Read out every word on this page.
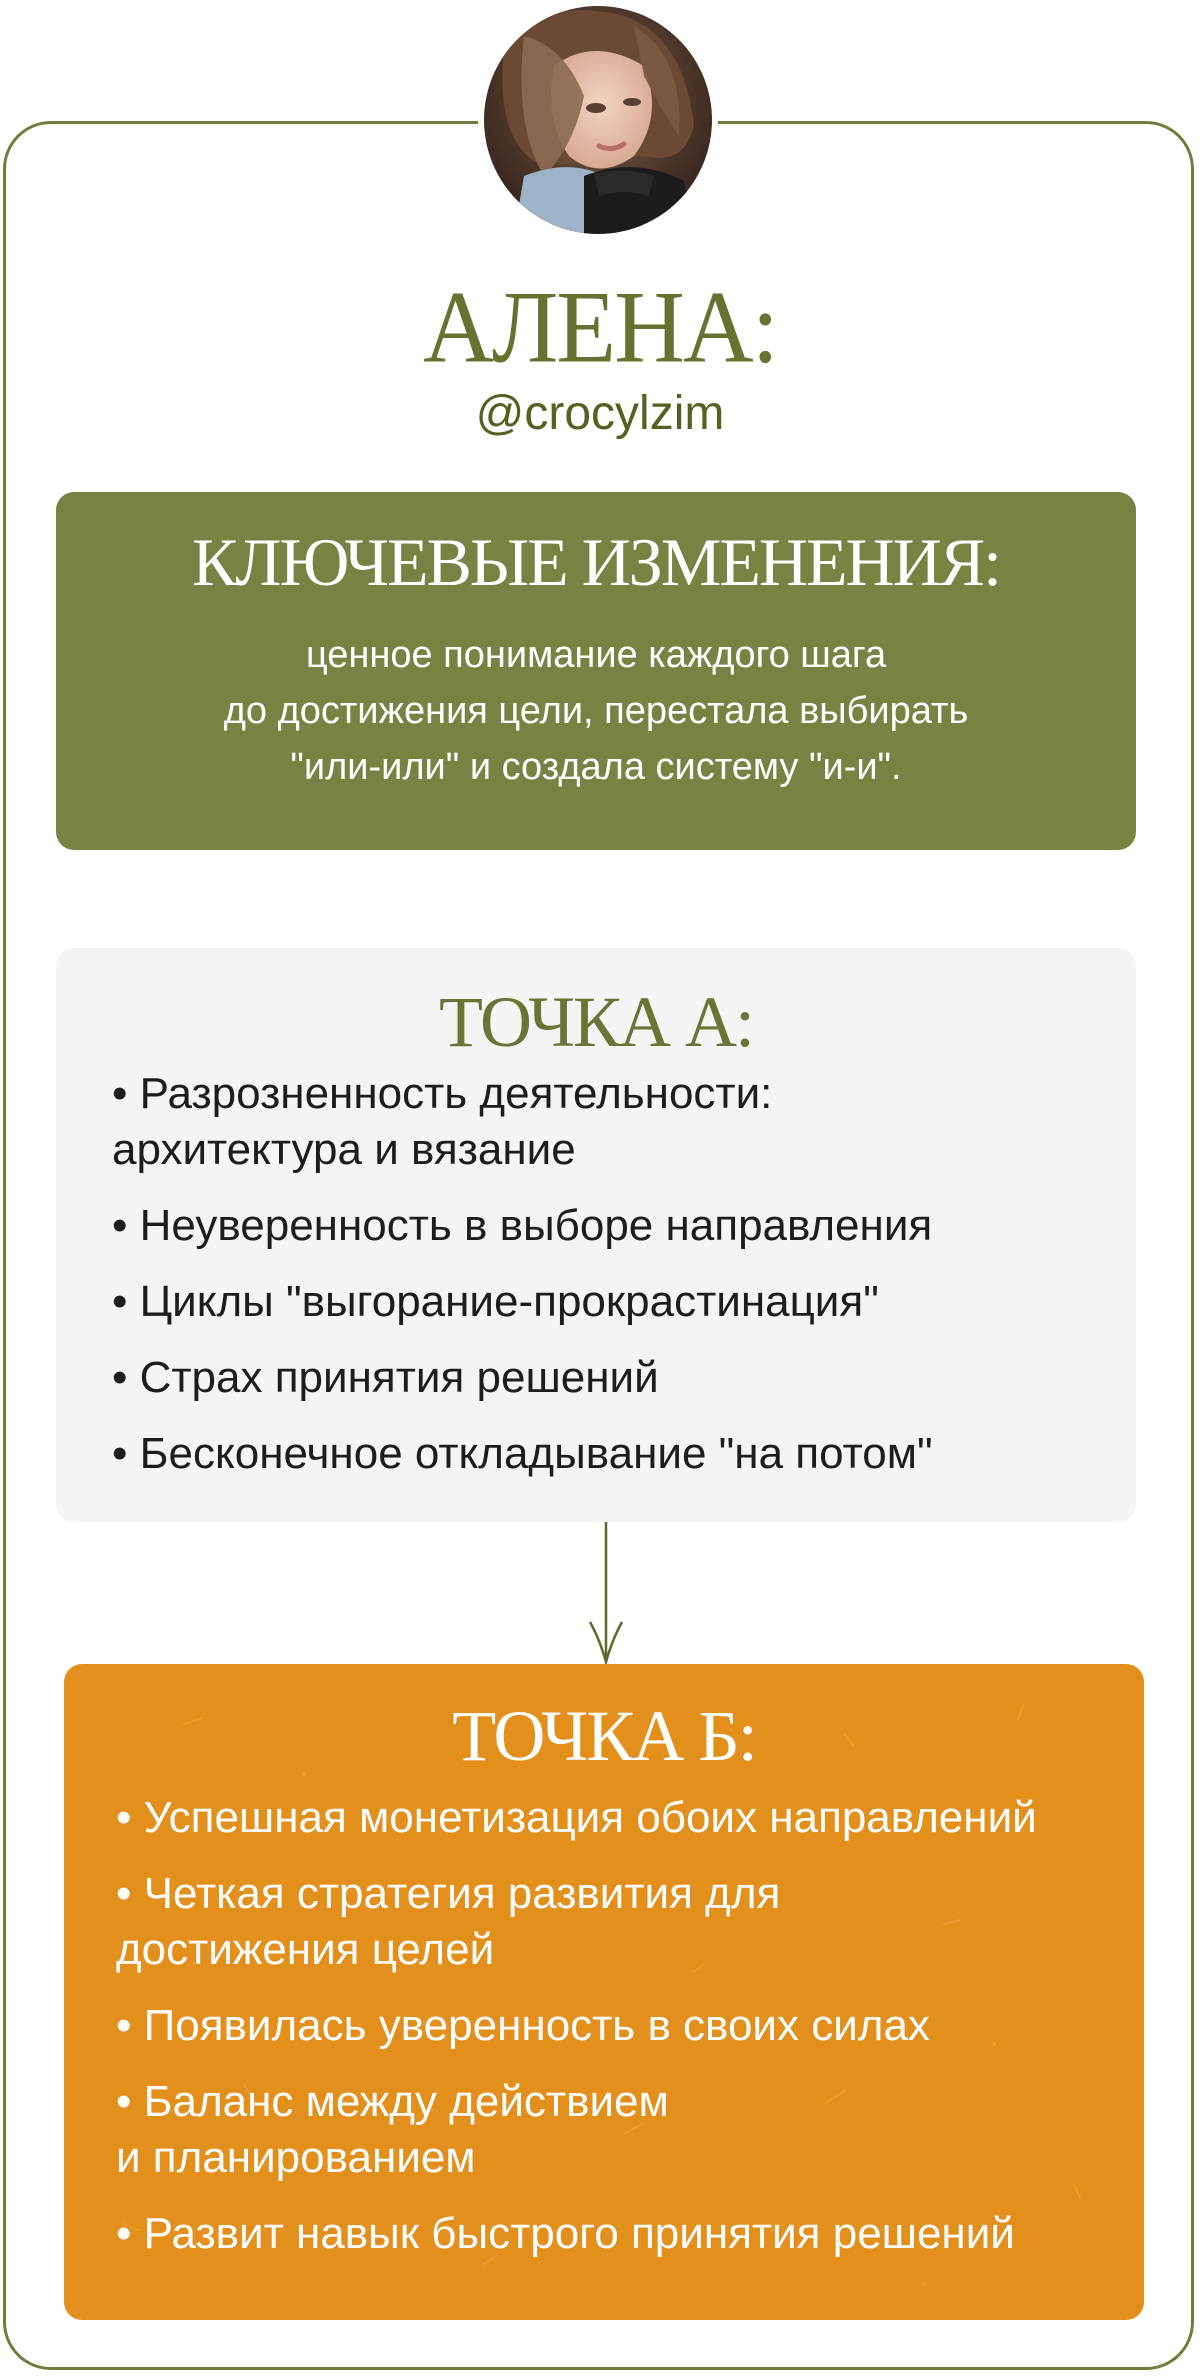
АЛЕНА:
@crocylzim
КЛЮЧЕВЫЕ ИЗМЕНЕНИЯ:
ценное понимание каждого шага
до достижения цели, перестала выбирать
"или-или" и создала систему "и-и".
ТОЧКА А:
• Разрозненность деятельности:
архитектура и вязание
• Неуверенность в выборе направления
• Циклы "выгорание-прокрастинация"
• Страх принятия решений
• Бесконечное откладывание "на потом"
ТОЧКА Б:
• Успешная монетизация обоих направлений
• Четкая стратегия развития для
достижения целей
• Появилась уверенность в своих силах
• Баланс между действием
и планированием
• Развит навык быстрого принятия решений
